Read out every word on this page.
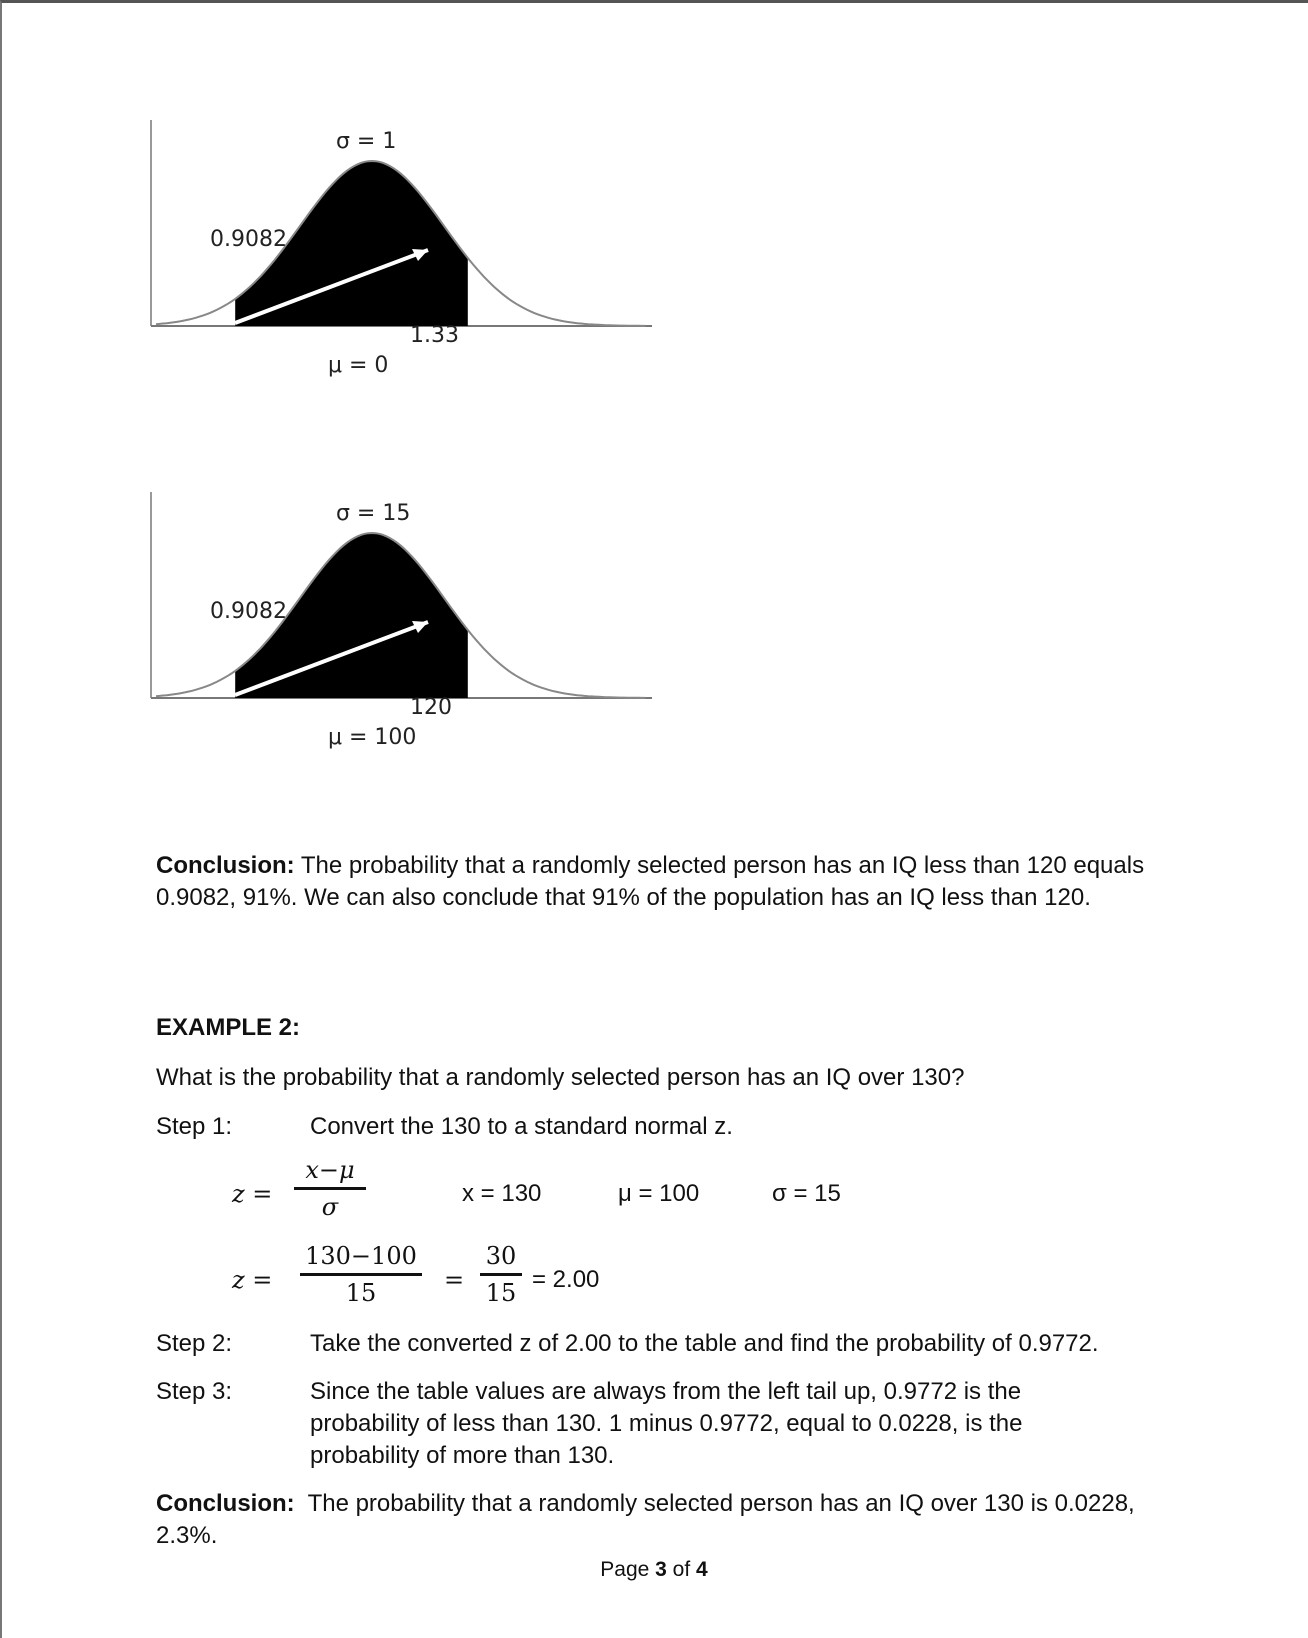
σ = 1
0.9082
1.33
μ = 0
σ = 15
0.9082
120
μ = 100
Conclusion: The probability that a randomly selected person has an IQ less than 120 equals 0.9082, 91%. We can also conclude that 91% of the population has an IQ less than 120.
EXAMPLE 2:
What is the probability that a randomly selected person has an IQ over 130?
Step 1:	Convert the 130 to a standard normal z.
z =
x−μ
σ	x = 130	μ = 100	σ = 15
z =
130−100
15	=
30
15 = 2.00
Step 2:	Take the converted z of 2.00 to the table and find the probability of 0.9772.
Step 3:	Since the table values are always from the left tail up, 0.9772 is the probability of less than 130. 1 minus 0.9772, equal to 0.0228, is the probability of more than 130.
Conclusion: The probability that a randomly selected person has an IQ over 130 is 0.0228, 2.3%.
Page 3 of 4
